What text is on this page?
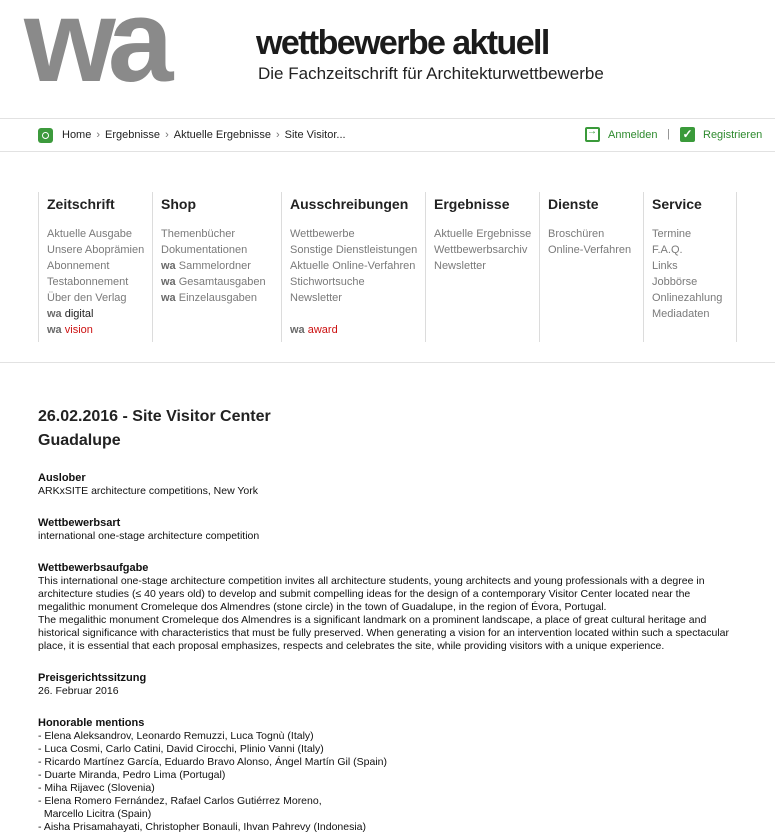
wa	wettbewerbe aktuell
Die Fachzeitschrift für Architekturwettbewerbe
Home › Ergebnisse › Aktuelle Ergebnisse › Site Visitor...
→	Anmelden | ✓ Registrieren
Zeitschrift
Aktuelle Ausgabe
Unsere Aboprämien
Abonnement
Testabonnement
Über den Verlag
wa digital
wa vision
Shop
Themenbücher
Dokumentationen
wa Sammelordner
wa Gesamtausgaben
wa Einzelausgaben
Ausschreibungen
Wettbewerbe
Sonstige Dienstleistungen
Aktuelle Online-Verfahren
Stichwortsuche
Newsletter
wa award
Ergebnisse
Aktuelle Ergebnisse
Wettbewerbsarchiv
Newsletter
Dienste
Broschüren
Online-Verfahren
Service
Termine
F.A.Q.
Links
Jobbörse
Onlinezahlung
Mediadaten
26.02.2016 - Site Visitor Center
Guadalupe
Auslober

ARKxSITE architecture competitions, New York

Wettbewerbsart

international one-stage architecture competition

Wettbewerbsaufgabe

This international one-stage architecture competition invites all architecture students, young architects and young professionals with a degree in architecture studies (≤ 40 years old) to develop and submit compelling ideas for the design of a contemporary Visitor Center located near the megalithic monument Cromeleque dos Almendres (stone circle) in the town of Guadalupe, in the region of Évora, Portugal.

The megalithic monument Cromeleque dos Almendres is a significant landmark on a prominent landscape, a place of great cultural heritage and historical significance with characteristics that must be fully preserved. When generating a vision for an intervention located within such a spectacular place, it is essential that each proposal emphasizes, respects and celebrates the site, while providing visitors with a unique experience.

Preisgerichtssitzung

26. Februar 2016

Honorable mentions
- Elena Aleksandrov, Leonardo Remuzzi, Luca Tognù (Italy)
- Luca Cosmi, Carlo Catini, David Cirocchi, Plinio Vanni (Italy)
- Ricardo Martínez García, Eduardo Bravo Alonso, Ángel Martín Gil (Spain)
- Duarte Miranda, Pedro Lima (Portugal)
- Miha Rijavec (Slovenia)
- Elena Romero Fernández, Rafael Carlos Gutiérrez Moreno,
Marcello Licitra (Spain)
- Aisha Prisamahayati, Christopher Bonauli, Ihvan Pahrevy (Indonesia)
